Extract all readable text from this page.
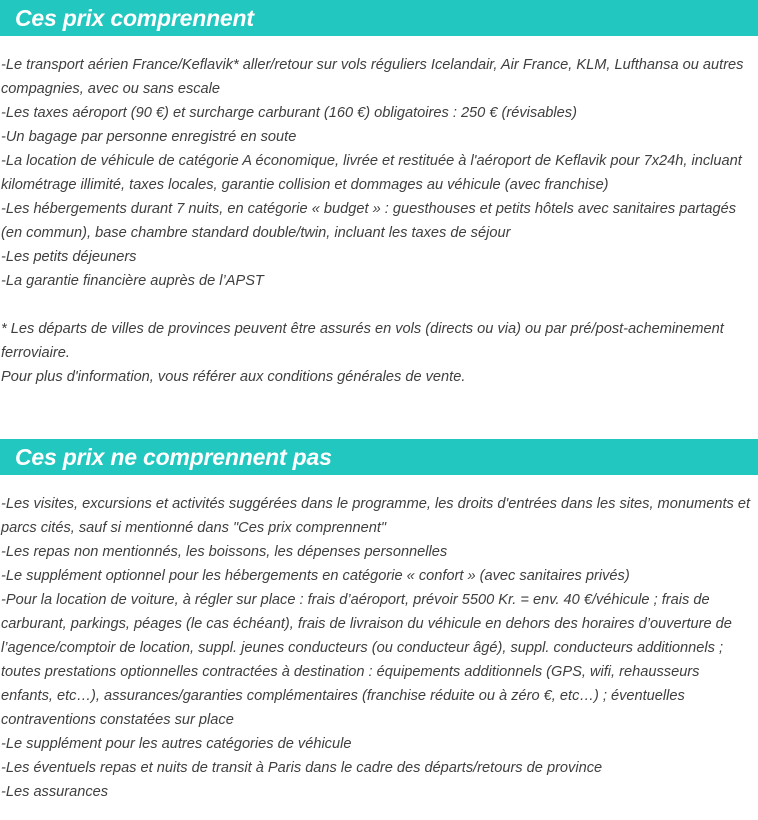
Ces prix comprennent

-Le transport aérien France/Keflavik* aller/retour sur vols réguliers Icelandair, Air France, KLM, Lufthansa ou autres compagnies, avec ou sans escale

-Les taxes aéroport (90 €) et surcharge carburant (160 €) obligatoires : 250 € (révisables)

-Un bagage par personne enregistré en soute

-La location de véhicule de catégorie A économique, livrée et restituée à l'aéroport de Keflavik pour 7x24h, incluant kilométrage illimité, taxes locales, garantie collision et dommages au véhicule (avec franchise)

-Les hébergements durant 7 nuits, en catégorie « budget » : guesthouses et petits hôtels avec sanitaires partagés (en commun), base chambre standard double/twin, incluant les taxes de séjour

-Les petits déjeuners

-La garantie financière auprès de l’APST

* Les départs de villes de provinces peuvent être assurés en vols (directs ou via) ou par pré/post-acheminement ferroviaire.

Pour plus d'information, vous référer aux conditions générales de vente.

Ces prix ne comprennent pas

-Les visites, excursions et activités suggérées dans le programme, les droits d'entrées dans les sites, monuments et parcs cités, sauf si mentionné dans "Ces prix comprennent"

-Les repas non mentionnés, les boissons, les dépenses personnelles

-Le supplément optionnel pour les hébergements en catégorie « confort » (avec sanitaires privés)

-Pour la location de voiture, à régler sur place : frais d’aéroport, prévoir 5500 Kr. = env. 40 €/véhicule ; frais de carburant, parkings, péages (le cas échéant), frais de livraison du véhicule en dehors des horaires d’ouverture de l’agence/comptoir de location, suppl. jeunes conducteurs (ou conducteur âgé), suppl. conducteurs additionnels ; toutes prestations optionnelles contractées à destination : équipements additionnels (GPS, wifi, rehausseurs enfants, etc…), assurances/garanties complémentaires (franchise réduite ou à zéro €, etc…) ; éventuelles contraventions constatées sur place

-Le supplément pour les autres catégories de véhicule

-Les éventuels repas et nuits de transit à Paris dans le cadre des départs/retours de province

-Les assurances
